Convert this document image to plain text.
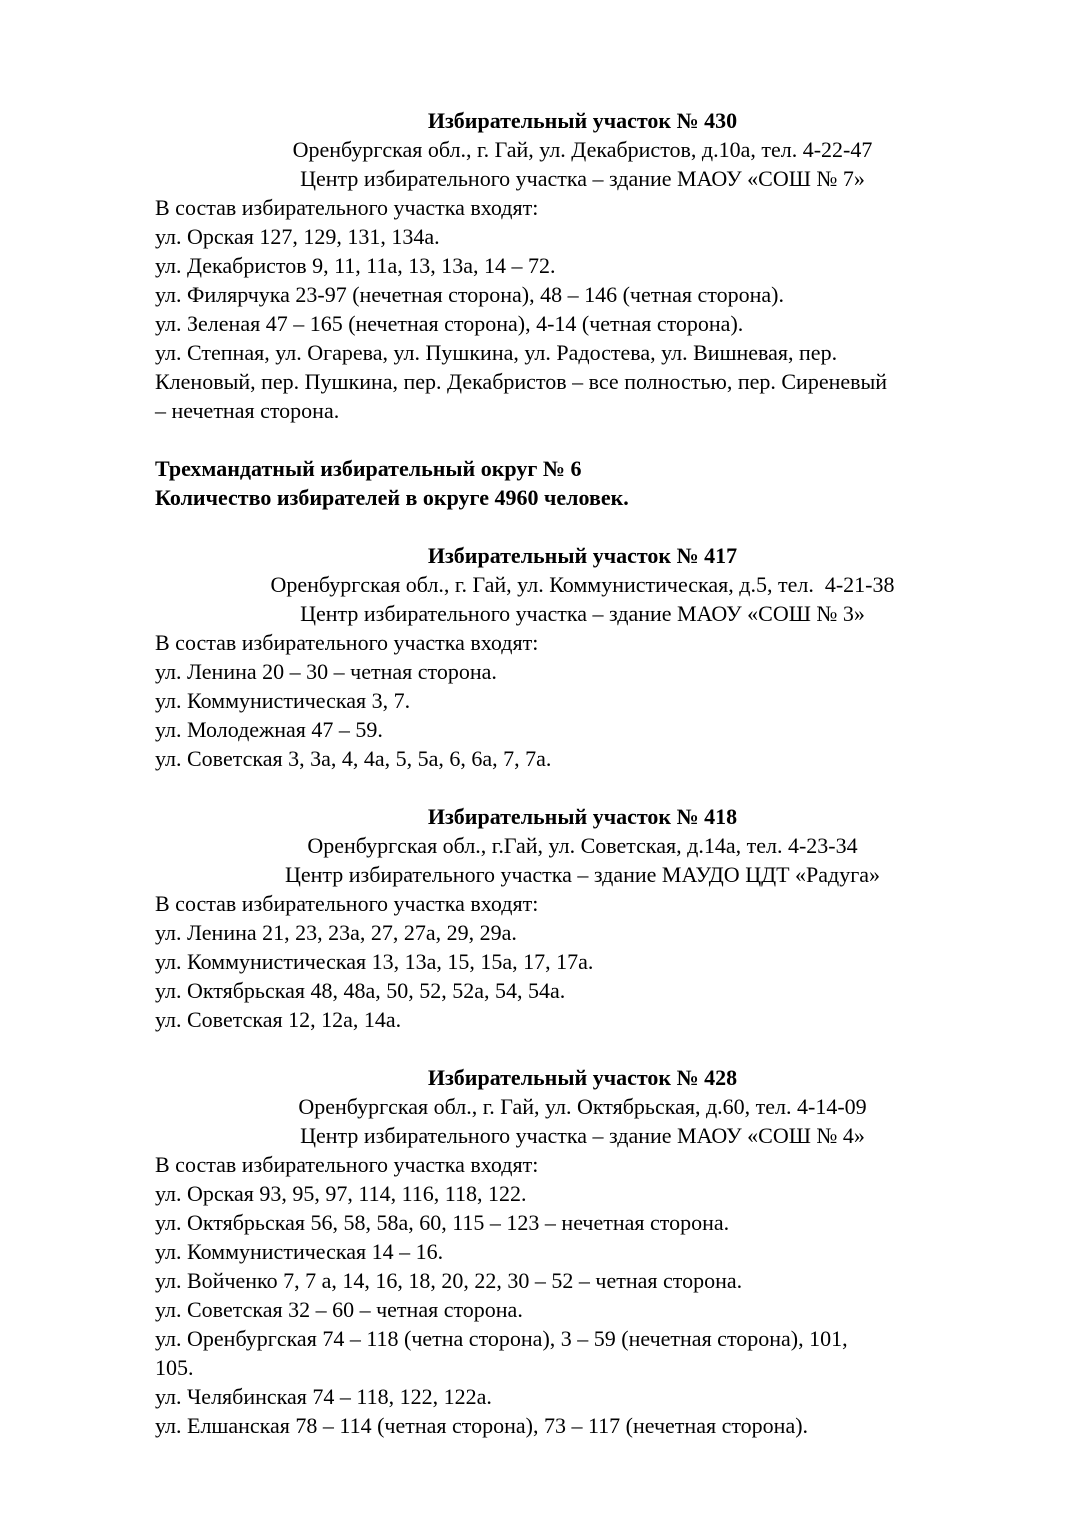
Избирательный участок № 430
Оренбургская обл., г. Гай, ул. Декабристов, д.10а, тел. 4-22-47
Центр избирательного участка – здание МАОУ «СОШ № 7»
В состав избирательного участка входят:
ул. Орская 127, 129, 131, 134а.
ул. Декабристов 9, 11, 11а, 13, 13а, 14 – 72.
ул. Филярчука 23-97 (нечетная сторона), 48 – 146 (четная сторона).
ул. Зеленая 47 – 165 (нечетная сторона), 4-14 (четная сторона).
ул. Степная, ул. Огарева, ул. Пушкина, ул. Радостева, ул. Вишневая, пер.
Кленовый, пер. Пушкина, пер. Декабристов – все полностью, пер. Сиреневый
– нечетная сторона.
Трехмандатный избирательный округ № 6
Количество избирателей в округе 4960 человек.
Избирательный участок № 417
Оренбургская обл., г. Гай, ул. Коммунистическая, д.5, тел.  4-21-38
Центр избирательного участка – здание МАОУ «СОШ № 3»
В состав избирательного участка входят:
ул. Ленина 20 – 30 – четная сторона.
ул. Коммунистическая 3, 7.
ул. Молодежная 47 – 59.
ул. Советская 3, 3а, 4, 4а, 5, 5а, 6, 6а, 7, 7а.
Избирательный участок № 418
Оренбургская обл., г.Гай, ул. Советская, д.14а, тел. 4-23-34
Центр избирательного участка – здание МАУДО ЦДТ «Радуга»
В состав избирательного участка входят:
ул. Ленина 21, 23, 23а, 27, 27а, 29, 29а.
ул. Коммунистическая 13, 13а, 15, 15а, 17, 17а.
ул. Октябрьская 48, 48а, 50, 52, 52а, 54, 54а.
ул. Советская 12, 12а, 14а.
Избирательный участок № 428
Оренбургская обл., г. Гай, ул. Октябрьская, д.60, тел. 4-14-09
Центр избирательного участка – здание МАОУ «СОШ № 4»
В состав избирательного участка входят:
ул. Орская 93, 95, 97, 114, 116, 118, 122.
ул. Октябрьская 56, 58, 58а, 60, 115 – 123 – нечетная сторона.
ул. Коммунистическая 14 – 16.
ул. Войченко 7, 7 а, 14, 16, 18, 20, 22, 30 – 52 – четная сторона.
ул. Советская 32 – 60 – четная сторона.
ул. Оренбургская 74 – 118 (четна сторона), 3 – 59 (нечетная сторона), 101,
105.
ул. Челябинская 74 – 118, 122, 122а.
ул. Елшанская 78 – 114 (четная сторона), 73 – 117 (нечетная сторона).
